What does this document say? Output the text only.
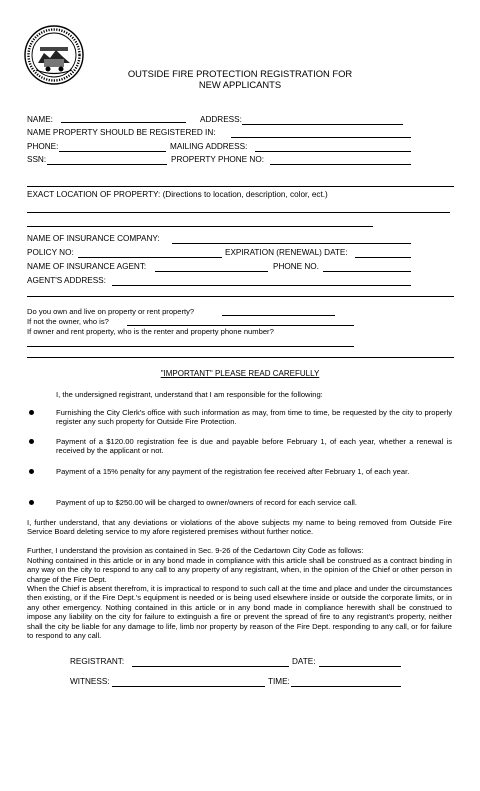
OUTSIDE FIRE PROTECTION REGISTRATION FOR
NEW APPLICANTS
NAME:	ADDRESS:
NAME PROPERTY SHOULD BE REGISTERED IN:
PHONE:	MAILING ADDRESS:
SSN:	PROPERTY PHONE NO:
EXACT LOCATION OF PROPERTY: (Directions to location, description, color, ect.)
NAME OF INSURANCE COMPANY:
POLICY NO:	EXPIRATION (RENEWAL) DATE:
NAME OF INSURANCE AGENT:	PHONE NO.
AGENT'S ADDRESS:
Do you own and live on property or rent property?
If not the owner, who is?
If owner and rent property, who is the renter and property phone number?
"IMPORTANT" PLEASE READ CAREFULLY
I, the undersigned registrant, understand that I am responsible for the following:
Furnishing the City Clerk's office with such information as may, from time to time, be requested by the city to properly register any such property for Outside Fire Protection.
Payment of a $120.00 registration fee is due and payable before February 1, of each year, whether a renewal is received by the applicant or not.
Payment of a 15% penalty for any payment of the registration fee received after February 1, of each year.
Payment of up to $250.00 will be charged to owner/owners of record for each service call.
I, further understand, that any deviations or violations of the above subjects my name to being removed from Outside Fire Service Board deleting service to my afore registered premises without further notice.
Further, I understand the provision as contained in Sec. 9-26 of the Cedartown City Code as follows:
Nothing contained in this article or in any bond made in compliance with this article shall be construed as a contract binding in any way on the city to respond to any call to any property of any registrant, when, in the opinion of the Chief or other person in charge of the Fire Dept.
When the Chief is absent therefrom, it is impractical to respond to such call at the time and place and under the circumstances then existing, or if the Fire Dept.'s equipment is needed or is being used elsewhere inside or outside the corporate limits, or in any other emergency. Nothing contained in this article or in any bond made in compliance herewith shall be construed to impose any liability on the city for failure to extinguish a fire or prevent the spread of fire to any registrant's property, neither shall the city be liable for any damage to life, limb nor property by reason of the Fire Dept. responding to any call, or for failure to respond to any call.
REGISTRANT:	DATE:
WITNESS:	TIME:
